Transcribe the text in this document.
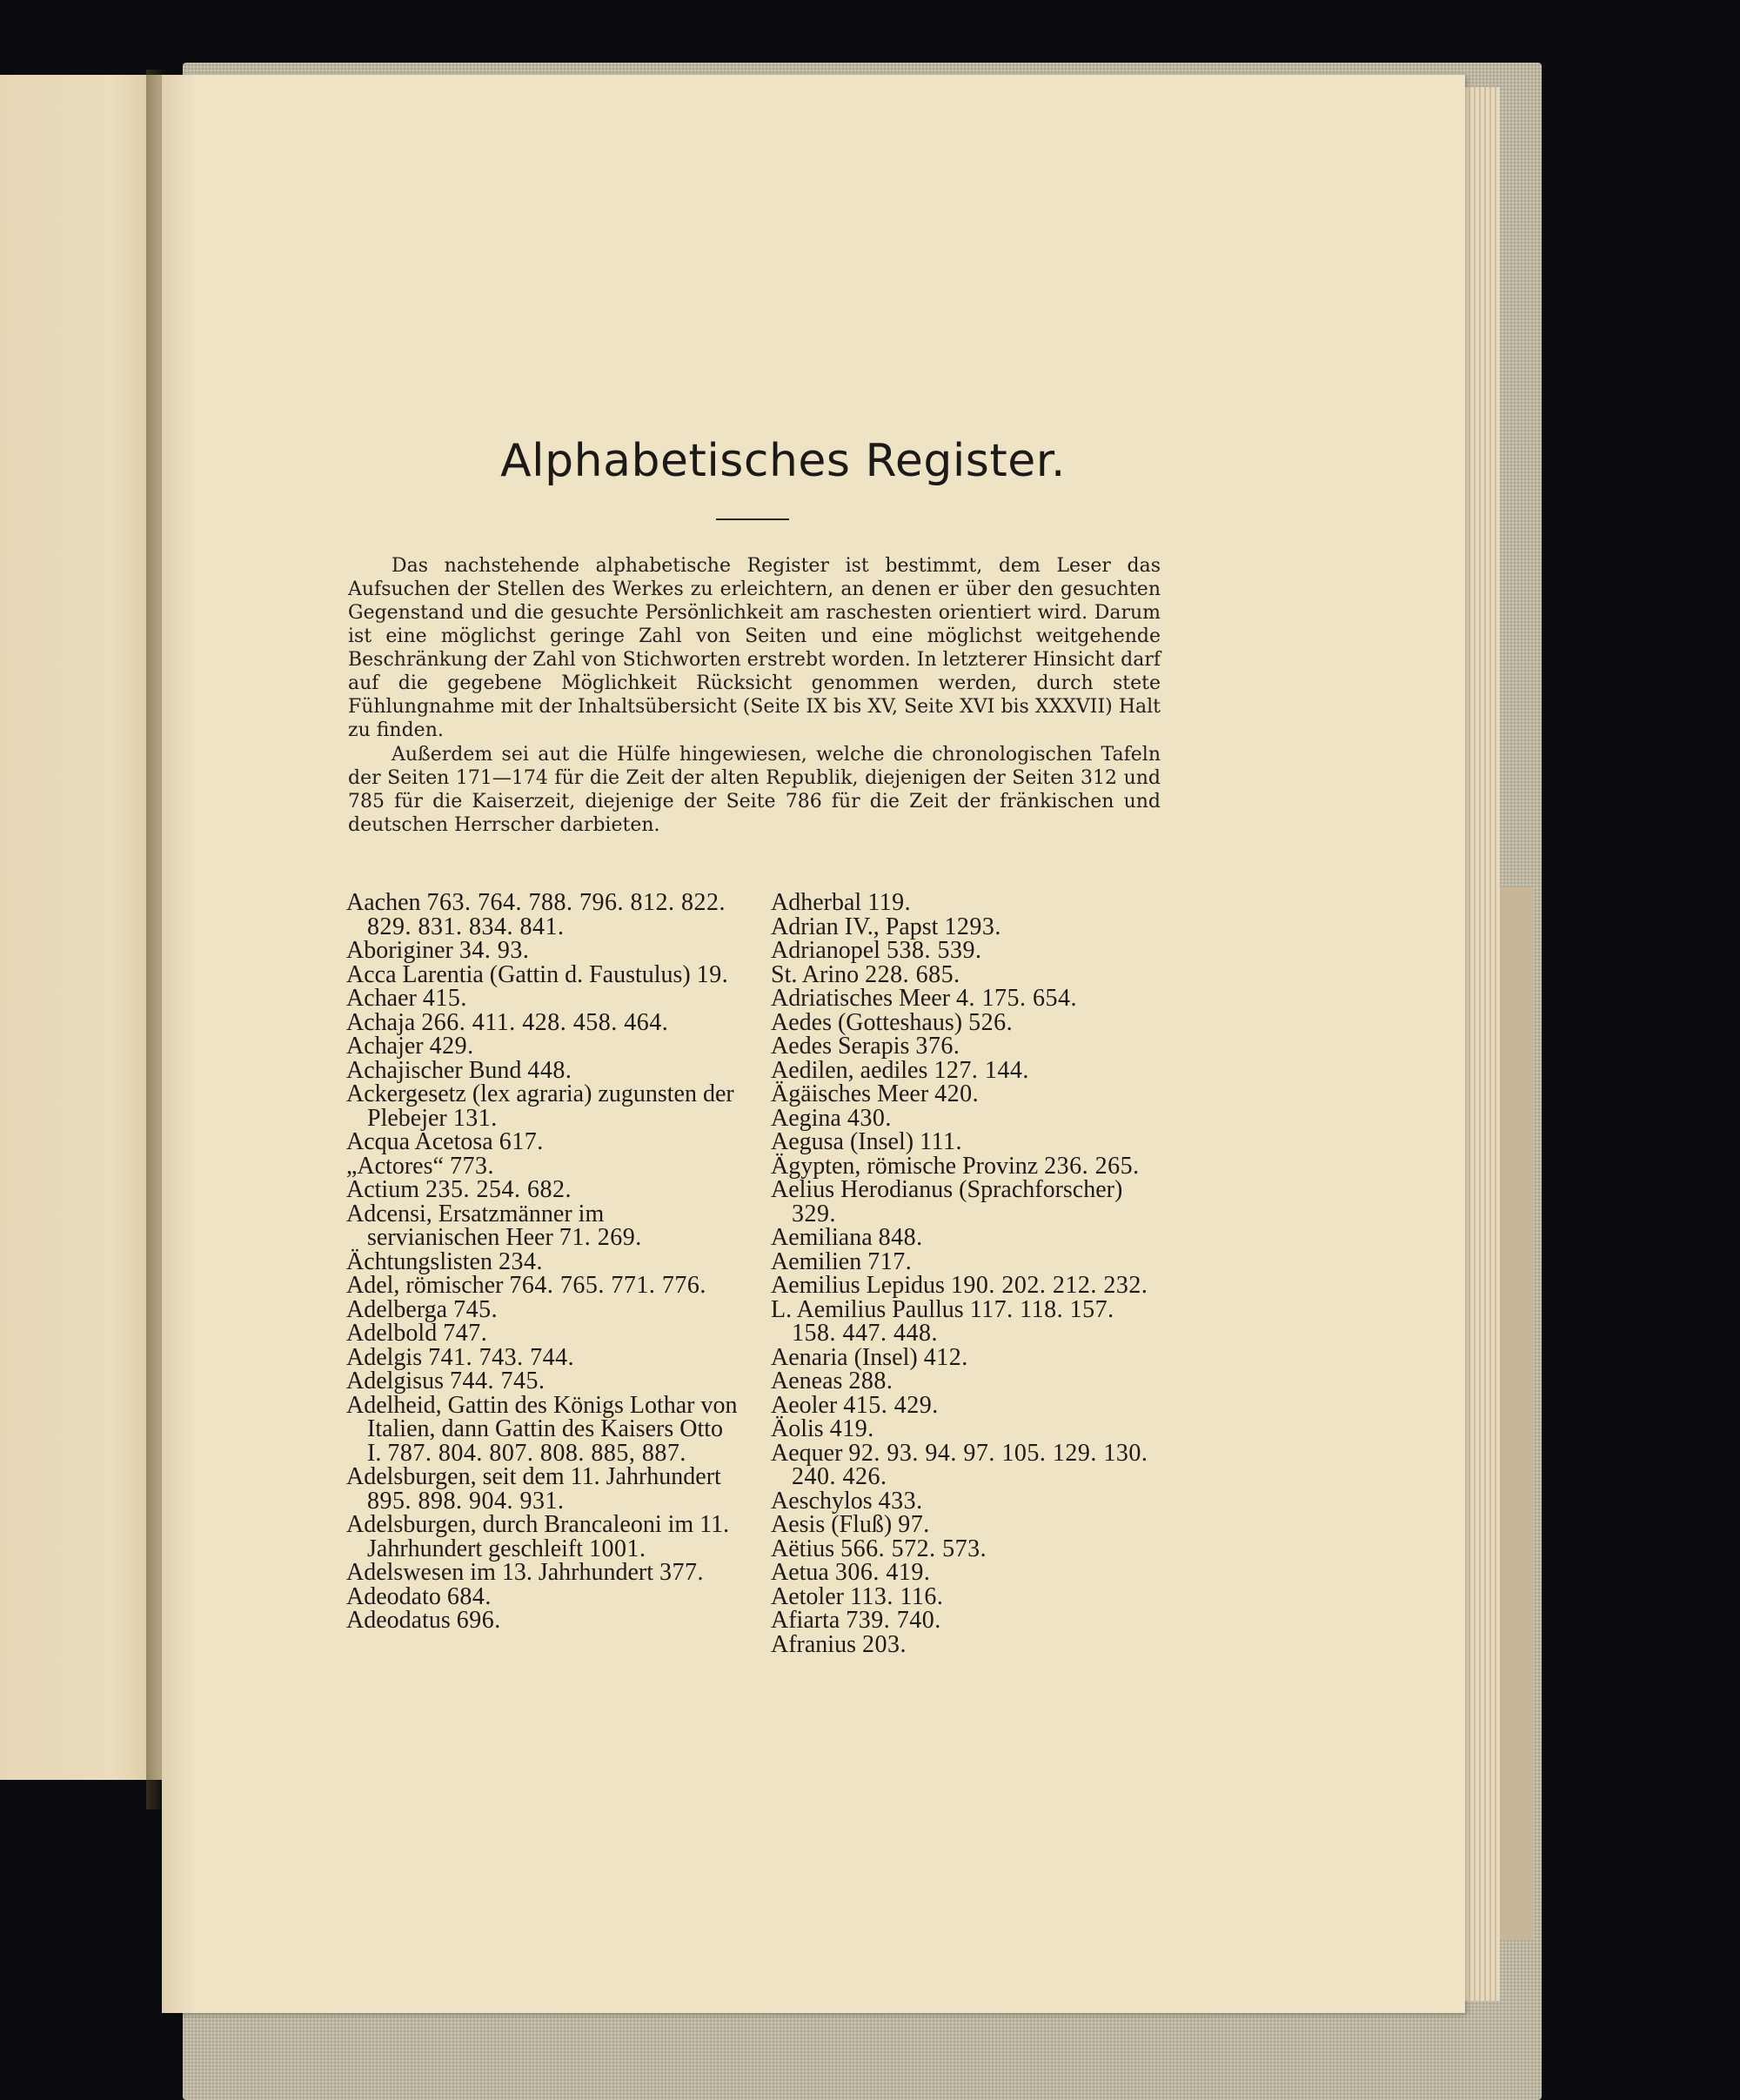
Alphabetisches Register.

Das nachstehende alphabetische Register ist bestimmt, dem Leser das Aufsuchen der Stellen des Werkes zu erleichtern, an denen er über den gesuchten Gegenstand und die gesuchte Persönlichkeit am raschesten orientiert wird. Darum ist eine möglichst geringe Zahl von Seiten und eine möglichst weitgehende Beschränkung der Zahl von Stichworten erstrebt worden. In letzterer Hinsicht darf auf die gegebene Möglichkeit Rücksicht genommen werden, durch stete Fühlungnahme mit der Inhaltsübersicht (Seite IX bis XV, Seite XVI bis XXXVII) Halt zu finden.

Außerdem sei aut die Hülfe hingewiesen, welche die chronologischen Tafeln der Seiten 171—174 für die Zeit der alten Republik, diejenigen der Seiten 312 und 785 für die Kaiserzeit, diejenige der Seite 786 für die Zeit der fränkischen und deutschen Herrscher darbieten.

Aachen 763. 764. 788. 796. 812. 822. 829. 831. 834. 841.
Aboriginer 34. 93.
Acca Larentia (Gattin d. Faustulus) 19.
Achaer 415.
Achaja 266. 411. 428. 458. 464.
Achajer 429.
Achajischer Bund 448.
Ackergesetz (lex agraria) zugunsten der Plebejer 131.
Acqua Acetosa 617.
„Actores“ 773.
Actium 235. 254. 682.
Adcensi, Ersatzmänner im servianischen Heer 71. 269.
Ächtungslisten 234.
Adel, römischer 764. 765. 771. 776.
Adelberga 745.
Adelbold 747.
Adelgis 741. 743. 744.
Adelgisus 744. 745.
Adelheid, Gattin des Königs Lothar von Italien, dann Gattin des Kaisers Otto I. 787. 804. 807. 808. 885, 887.
Adelsburgen, seit dem 11. Jahrhundert 895. 898. 904. 931.
Adelsburgen, durch Brancaleoni im 11. Jahrhundert geschleift 1001.
Adelswesen im 13. Jahrhundert 377.
Adeodato 684.
Adeodatus 696.
Adherbal 119.
Adrian IV., Papst 1293.
Adrianopel 538. 539.
St. Arino 228. 685.
Adriatisches Meer 4. 175. 654.
Aedes (Gotteshaus) 526.
Aedes Serapis 376.
Aedilen, aediles 127. 144.
Ägäisches Meer 420.
Aegina 430.
Aegusa (Insel) 111.
Ägypten, römische Provinz 236. 265.
Aelius Herodianus (Sprachforscher) 329.
Aemiliana 848.
Aemilien 717.
Aemilius Lepidus 190. 202. 212. 232.
L. Aemilius Paullus 117. 118. 157. 158. 447. 448.
Aenaria (Insel) 412.
Aeneas 288.
Aeoler 415. 429.
Äolis 419.
Aequer 92. 93. 94. 97. 105. 129. 130. 240. 426.
Aeschylos 433.
Aesis (Fluß) 97.
Aëtius 566. 572. 573.
Aetua 306. 419.
Aetoler 113. 116.
Afiarta 739. 740.
Afranius 203.
